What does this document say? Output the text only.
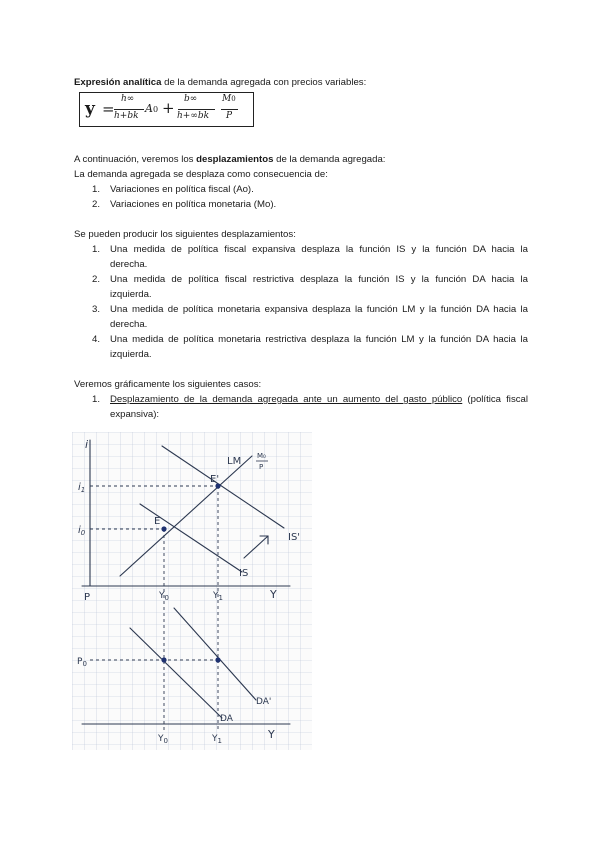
Expresión analítica de la demanda agregada con precios variables:
y =
h∞
h+bk
A0 + b∞
h+∞bk
M0
P
A continuación, veremos los desplazamientos de la demanda agregada:
La demanda agregada se desplaza como consecuencia de:
1. Variaciones en política fiscal (Ao).
2. Variaciones en política monetaria (Mo).
Se pueden producir los siguientes desplazamientos:
1. Una medida de política fiscal expansiva desplaza la función IS y la función DA hacia la
derecha.
2. Una medida de política fiscal restrictiva desplaza la función IS y la función DA hacia la
izquierda.
3. Una medida de política monetaria expansiva desplaza la función LM y la función DA hacia la
derecha.
4. Una medida de política monetaria restrictiva desplaza la función LM y la función DA hacia la
izquierda.
Veremos gráficamente los siguientes casos:
1. Desplazamiento de la demanda agregada ante un aumento del gasto público (política fiscal
expansiva):
i
Y
$i_1$
$i_0$
$Y_0$	$Y_1$
E
E'
LM M₀
P
IS
IS'
P
$P_0$
Y
$Y_0$	$Y_1$
DA
DA'
